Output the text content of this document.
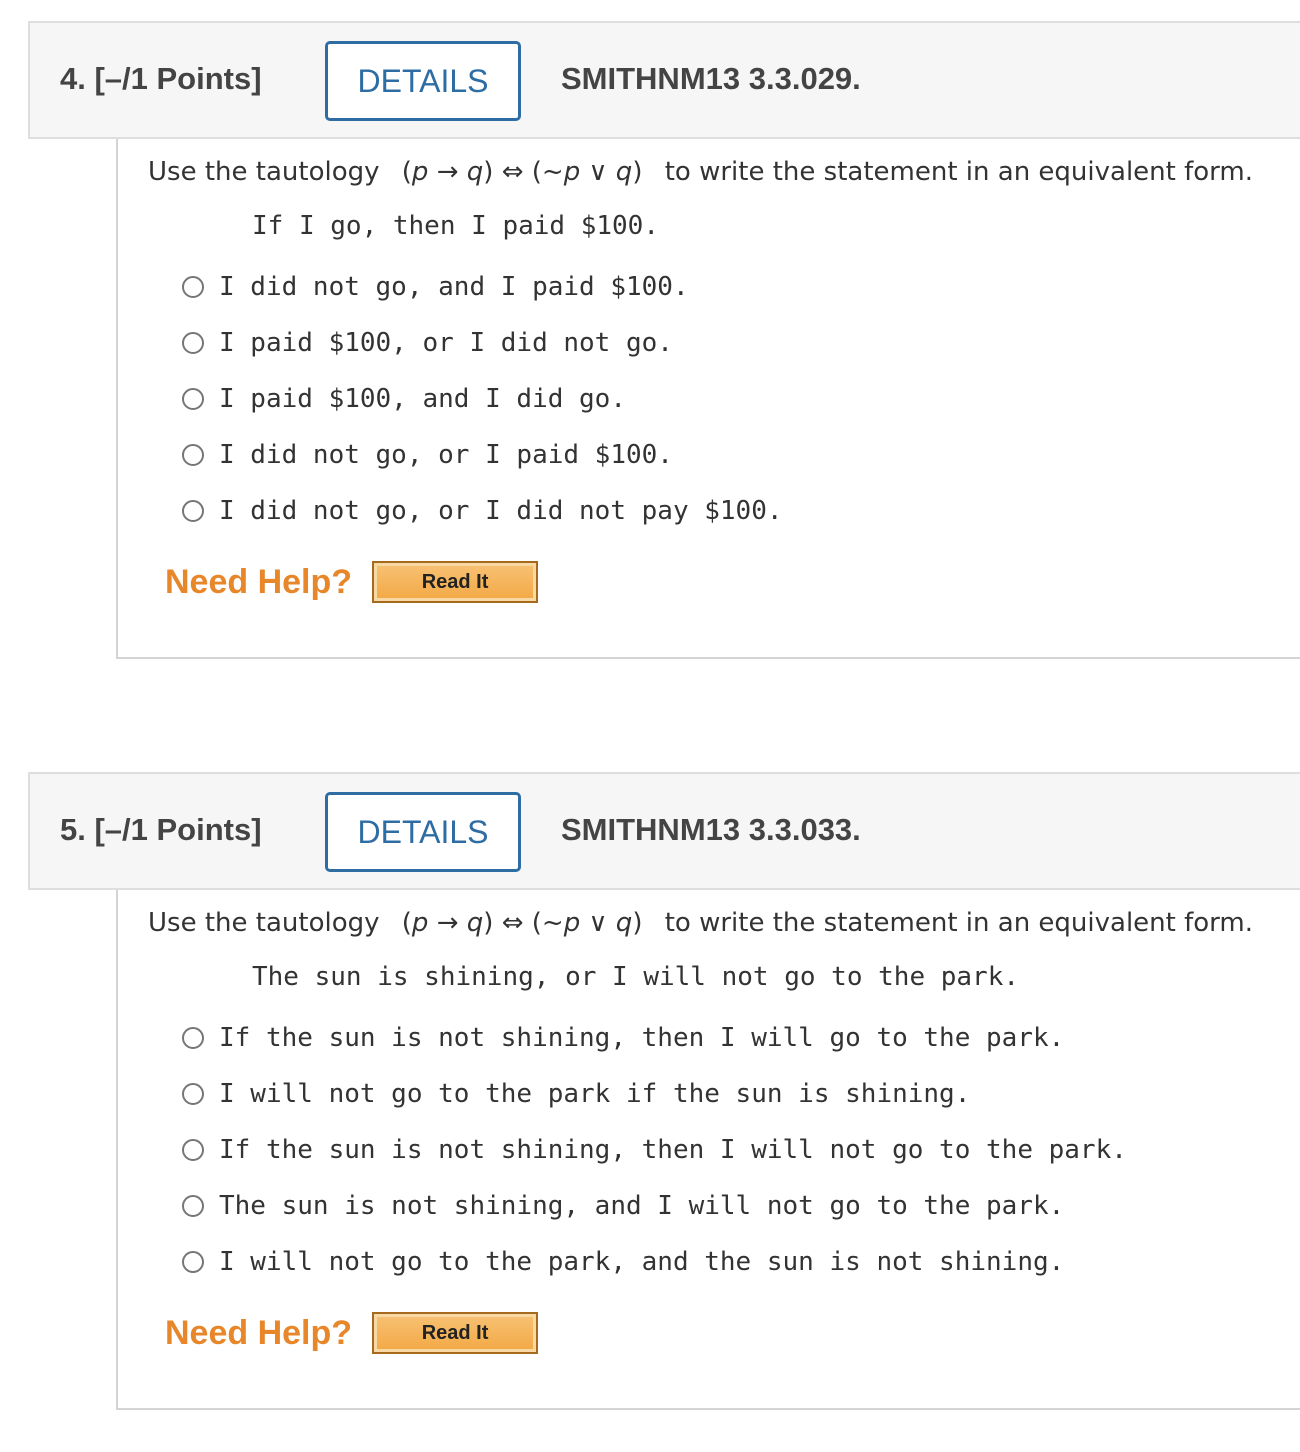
4. [–/1 Points]	DETAILS	SMITHNM13 3.3.029.
Use the tautology (p → q) ⇔ (~p ∨ q) to write the statement in an equivalent form.
If I go, then I paid $100.
I did not go, and I paid $100.
I paid $100, or I did not go.
I paid $100, and I did go.
I did not go, or I paid $100.
I did not go, or I did not pay $100.
Need Help?	Read It
5. [–/1 Points]	DETAILS	SMITHNM13 3.3.033.
Use the tautology (p → q) ⇔ (~p ∨ q) to write the statement in an equivalent form.
The sun is shining, or I will not go to the park.
If the sun is not shining, then I will go to the park.
I will not go to the park if the sun is shining.
If the sun is not shining, then I will not go to the park.
The sun is not shining, and I will not go to the park.
I will not go to the park, and the sun is not shining.
Need Help?	Read It
